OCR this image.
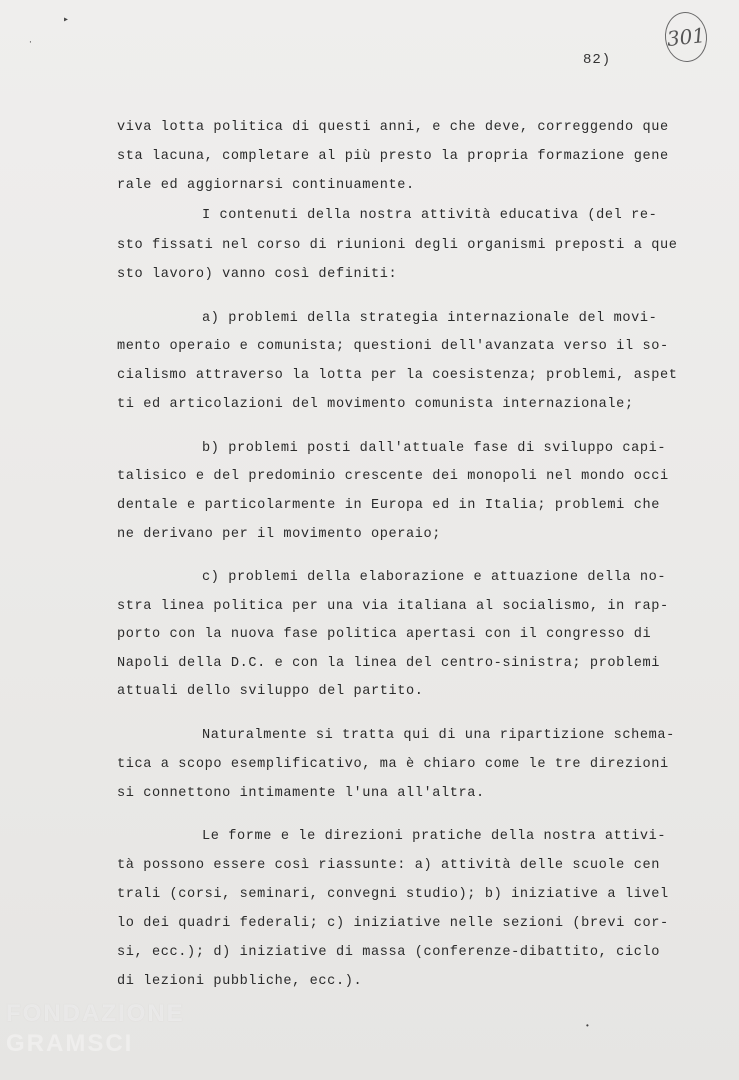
▸
·	301
82)
viva lotta politica di questi anni, e che deve, correggendo que
sta lacuna, completare al più presto la propria formazione gene
rale ed aggiornarsi continuamente.
I contenuti della nostra attività educativa (del re-
sto fissati nel corso di riunioni degli organismi preposti a que
sto lavoro) vanno così definiti:
a) problemi della strategia internazionale del movi-
mento operaio e comunista; questioni dell'avanzata verso il so-
cialismo attraverso la lotta per la coesistenza; problemi, aspet
ti ed articolazioni del movimento comunista internazionale;
b) problemi posti dall'attuale fase di sviluppo capi-
talisico e del predominio crescente dei monopoli nel mondo occi
dentale e particolarmente in Europa ed in Italia; problemi che
ne derivano per il movimento operaio;
c) problemi della elaborazione e attuazione della no-
stra linea politica per una via italiana al socialismo, in rap-
porto con la nuova fase politica apertasi con il congresso di
Napoli della D.C. e con la linea del centro-sinistra; problemi
attuali dello sviluppo del partito.
Naturalmente si tratta qui di una ripartizione schema-
tica a scopo esemplificativo, ma è chiaro come le tre direzioni
si connettono intimamente l'una all'altra.
Le forme e le direzioni pratiche della nostra attivi-
tà possono essere così riassunte: a) attività delle scuole cen
trali (corsi, seminari, convegni studio); b) iniziative a livel
lo dei quadri federali; c) iniziative nelle sezioni (brevi cor-
si, ecc.); d) iniziative di massa (conferenze-dibattito, ciclo
di lezioni pubbliche, ecc.).
•
FONDAZIONE
GRAMSCI
